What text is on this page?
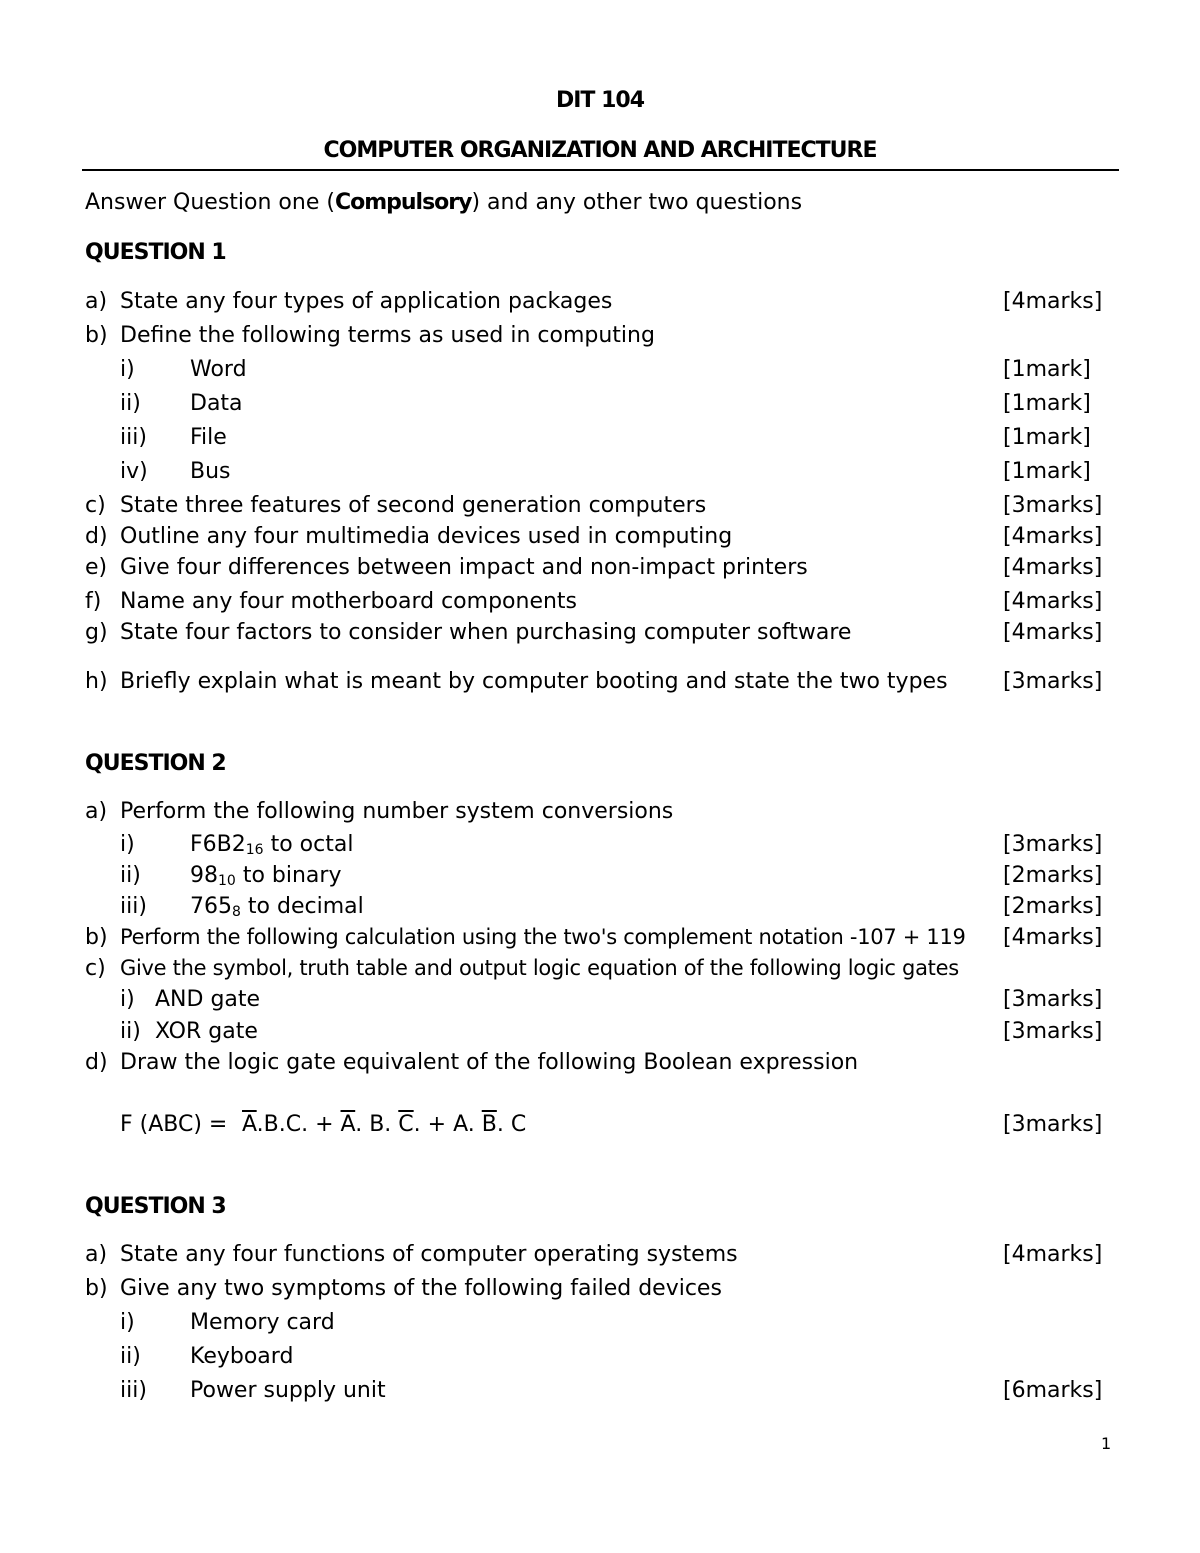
DIT 104
COMPUTER ORGANIZATION AND ARCHITECTURE
Answer Question one (Compulsory) and any other two questions
QUESTION 1
a) State any four types of application packages	[4marks]
b) Define the following terms as used in computing
i)	Word	[1mark]
ii) Data	[1mark]
iii) File	[1mark]
iv) Bus	[1mark]
c) State three features of second generation computers	[3marks]
d) Outline any four multimedia devices used in computing	[4marks]
e) Give four differences between impact and non-impact printers	[4marks]
f) Name any four motherboard components	[4marks]
g) State four factors to consider when purchasing computer software	[4marks]
h) Briefly explain what is meant by computer booting and state the two types	[3marks]
QUESTION 2
a) Perform the following number system conversions
i)	$F6B2_{16}$ to octal	[3marks]
ii) $98_{10}$ to binary	[2marks]
iii) $765_8$ to decimal	[2marks]
b) Perform the following calculation using the two's complement notation -107 + 119 [4marks]
c) Give the symbol, truth table and output logic equation of the following logic gates
i) AND gate	[3marks]
ii) XOR gate	[3marks]
d) Draw the logic gate equivalent of the following Boolean expression
F $(ABC) = \overline{A}.B.C$. + $\overline{A}$. B. $\overline{C}$. + A. $\overline{B}$. C	[3marks]
QUESTION 3
a) State any four functions of computer operating systems	[4marks]
b) Give any two symptoms of the following failed devices
i)	Memory card
ii) Keyboard
iii) Power supply unit	[6marks]
1
